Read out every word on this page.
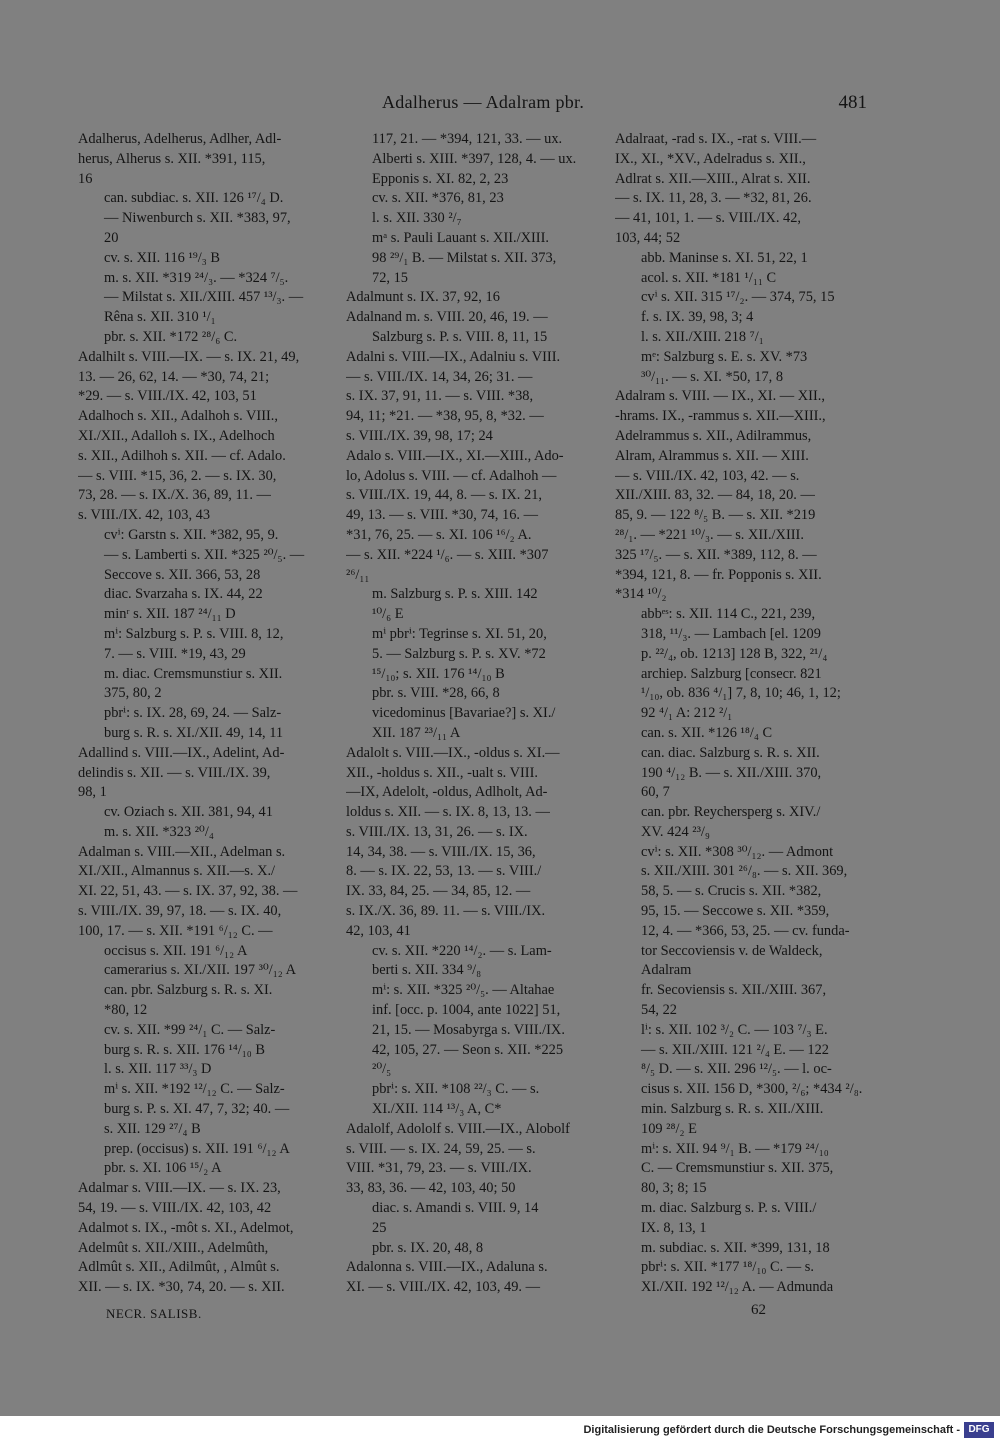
Adalherus — Adalram pbr.	481
Adalherus, Adelherus, Adlher, Adl-
herus, Alherus s. XII. *391, 115,
16
can. subdiac. s. XII. 126 ¹⁷/₄ D.
— Niwenburch s. XII. *383, 97,
20
cv. s. XII. 116 ¹⁹/₃ B
m. s. XII. *319 ²⁴/₃. — *324 ⁷/₅.
— Milstat s. XII./XIII. 457 ¹³/₃. —
Rêna s. XII. 310 ¹/₁
pbr. s. XII. *172 ²⁸/₆ C.
Adalhilt s. VIII.—IX. — s. IX. 21, 49,
13. — 26, 62, 14. — *30, 74, 21;
*29. — s. VIII./IX. 42, 103, 51
Adalhoch s. XII., Adalhoh s. VIII.,
XI./XII., Adalloh s. IX., Adelhoch
s. XII., Adilhoh s. XII. — cf. Adalo.
— s. VIII. *15, 36, 2. — s. IX. 30,
73, 28. — s. IX./X. 36, 89, 11. —
s. VIII./IX. 42, 103, 43
cvⁱ: Garstn s. XII. *382, 95, 9.
— s. Lamberti s. XII. *325 ²⁰/₅. —
Seccove s. XII. 366, 53, 28
diac. Svarzaha s. IX. 44, 22
minʳ s. XII. 187 ²⁴/₁₁ D
mⁱ: Salzburg s. P. s. VIII. 8, 12,
7. — s. VIII. *19, 43, 29
m. diac. Cremsmunstiur s. XII.
375, 80, 2
pbrⁱ: s. IX. 28, 69, 24. — Salz-
burg s. R. s. XI./XII. 49, 14, 11
Adallind s. VIII.—IX., Adelint, Ad-
delindis s. XII. — s. VIII./IX. 39,
98, 1
cv. Oziach s. XII. 381, 94, 41
m. s. XII. *323 ²⁰/₄
Adalman s. VIII.—XII., Adelman s.
XI./XII., Almannus s. XII.—s. X./
XI. 22, 51, 43. — s. IX. 37, 92, 38. —
s. VIII./IX. 39, 97, 18. — s. IX. 40,
100, 17. — s. XII. *191 ⁶/₁₂ C. —
occisus s. XII. 191 ⁶/₁₂ A
camerarius s. XI./XII. 197 ³⁰/₁₂ A
can. pbr. Salzburg s. R. s. XI.
*80, 12
cv. s. XII. *99 ²⁴/₁ C. — Salz-
burg s. R. s. XII. 176 ¹⁴/₁₀ B
l. s. XII. 117 ³³/₃ D
mⁱ s. XII. *192 ¹²/₁₂ C. — Salz-
burg s. P. s. XI. 47, 7, 32; 40. —
s. XII. 129 ²⁷/₄ B
prep. (occisus) s. XII. 191 ⁶/₁₂ A
pbr. s. XI. 106 ¹⁵/₂ A
Adalmar s. VIII.—IX. — s. IX. 23,
54, 19. — s. VIII./IX. 42, 103, 42
Adalmot s. IX., -môt s. XI., Adelmot,
Adelmût s. XII./XIII., Adelmûth,
Adlmût s. XII., Adilmût, , Almût s.
XII. — s. IX. *30, 74, 20. — s. XII.
117, 21. — *394, 121, 33. — ux.
Alberti s. XIII. *397, 128, 4. — ux.
Epponis s. XI. 82, 2, 23
cv. s. XII. *376, 81, 23
l. s. XII. 330 ²/₇
mᵃ s. Pauli Lauant s. XII./XIII.
98 ²⁹/₁ B. — Milstat s. XII. 373,
72, 15
Adalmunt s. IX. 37, 92, 16
Adalnand m. s. VIII. 20, 46, 19. —
Salzburg s. P. s. VIII. 8, 11, 15
Adalni s. VIII.—IX., Adalniu s. VIII.
— s. VIII./IX. 14, 34, 26; 31. —
s. IX. 37, 91, 11. — s. VIII. *38,
94, 11; *21. — *38, 95, 8, *32. —
s. VIII./IX. 39, 98, 17; 24
Adalo s. VIII.—IX., XI.—XIII., Ado-
lo, Adolus s. VIII. — cf. Adalhoh —
s. VIII./IX. 19, 44, 8. — s. IX. 21,
49, 13. — s. VIII. *30, 74, 16. —
*31, 76, 25. — s. XI. 106 ¹⁶/₂ A.
— s. XII. *224 ¹/₆. — s. XIII. *307
²⁶/₁₁
m. Salzburg s. P. s. XIII. 142
¹⁰/₆ E
mⁱ pbrⁱ: Tegrinse s. XI. 51, 20,
5. — Salzburg s. P. s. XV. *72
¹⁵/₁₀; s. XII. 176 ¹⁴/₁₀ B
pbr. s. VIII. *28, 66, 8
vicedominus [Bavariae?] s. XI./
XII. 187 ²³/₁₁ A
Adalolt s. VIII.—IX., -oldus s. XI.—
XII., -holdus s. XII., -ualt s. VIII.
—IX, Adelolt, -oldus, Adlholt, Ad-
loldus s. XII. — s. IX. 8, 13, 13. —
s. VIII./IX. 13, 31, 26. — s. IX.
14, 34, 38. — s. VIII./IX. 15, 36,
8. — s. IX. 22, 53, 13. — s. VIII./
IX. 33, 84, 25. — 34, 85, 12. —
s. IX./X. 36, 89. 11. — s. VIII./IX.
42, 103, 41
cv. s. XII. *220 ¹⁴/₂. — s. Lam-
berti s. XII. 334 ⁹/₈
mⁱ: s. XII. *325 ²⁰/₅. — Altahae
inf. [occ. p. 1004, ante 1022] 51,
21, 15. — Mosabyrga s. VIII./IX.
42, 105, 27. — Seon s. XII. *225
²⁰/₅
pbrⁱ: s. XII. *108 ²²/₃ C. — s.
XI./XII. 114 ¹³/₃ A, C*
Adalolf, Adololf s. VIII.—IX., Alobolf
s. VIII. — s. IX. 24, 59, 25. — s.
VIII. *31, 79, 23. — s. VIII./IX.
33, 83, 36. — 42, 103, 40; 50
diac. s. Amandi s. VIII. 9, 14
25
pbr. s. IX. 20, 48, 8
Adalonna s. VIII.—IX., Adaluna s.
XI. — s. VIII./IX. 42, 103, 49. —
Adalraat, -rad s. IX., -rat s. VIII.—
IX., XI., *XV., Adelradus s. XII.,
Adlrat s. XII.—XIII., Alrat s. XII.
— s. IX. 11, 28, 3. — *32, 81, 26.
— 41, 101, 1. — s. VIII./IX. 42,
103, 44; 52
abb. Maninse s. XI. 51, 22, 1
acol. s. XII. *181 ¹/₁₁ C
cvⁱ s. XII. 315 ¹⁷/₂. — 374, 75, 15
f. s. IX. 39, 98, 3; 4
l. s. XII./XIII. 218 ⁷/₁
mᵉ: Salzburg s. E. s. XV. *73
³⁰/₁₁. — s. XI. *50, 17, 8
Adalram s. VIII. — IX., XI. — XII.,
-hrams. IX., -rammus s. XII.—XIII.,
Adelrammus s. XII., Adilrammus,
Alram, Alrammus s. XII. — XIII.
— s. VIII./IX. 42, 103, 42. — s.
XII./XIII. 83, 32. — 84, 18, 20. —
85, 9. — 122 ⁸/₅ B. — s. XII. *219
²⁸/₁. — *221 ¹⁰/₃. — s. XII./XIII.
325 ¹⁷/₅. — s. XII. *389, 112, 8. —
*394, 121, 8. — fr. Popponis s. XII.
*314 ¹⁰/₂
abbᵉˢ: s. XII. 114 C., 221, 239,
318, ¹¹/₃. — Lambach [el. 1209
p. ²²/₄, ob. 1213] 128 B, 322, ²¹/₄
archiep. Salzburg [consecr. 821
¹/₁₀, ob. 836 ⁴/₁] 7, 8, 10; 46, 1, 12;
92 ⁴/₁ A: 212 ²/₁
can. s. XII. *126 ¹⁸/₄ C
can. diac. Salzburg s. R. s. XII.
190 ⁴/₁₂ B. — s. XII./XIII. 370,
60, 7
can. pbr. Reychersperg s. XIV./
XV. 424 ²³/₉
cvⁱ: s. XII. *308 ³⁰/₁₂. — Admont
s. XII./XIII. 301 ²⁶/₈. — s. XII. 369,
58, 5. — s. Crucis s. XII. *382,
95, 15. — Seccowe s. XII. *359,
12, 4. — *366, 53, 25. — cv. funda-
tor Seccoviensis v. de Waldeck,
Adalram
fr. Secoviensis s. XII./XIII. 367,
54, 22
lⁱ: s. XII. 102 ³/₂ C. — 103 ⁷/₃ E.
— s. XII./XIII. 121 ²/₄ E. — 122
⁸/₅ D. — s. XII. 296 ¹²/₅. — l. oc-
cisus s. XII. 156 D, *300, ²/₆; *434 ²/₈.
min. Salzburg s. R. s. XII./XIII.
109 ²⁸/₂ E
mⁱ: s. XII. 94 ⁹/₁ B. — *179 ²⁴/₁₀
C. — Cremsmunstiur s. XII. 375,
80, 3; 8; 15
m. diac. Salzburg s. P. s. VIII./
IX. 8, 13, 1
m. subdiac. s. XII. *399, 131, 18
pbrⁱ: s. XII. *177 ¹⁸/₁₀ C. — s.
XI./XII. 192 ¹²/₁₂ A. — Admunda
NECR. SALISB.	62
Digitalisierung gefördert durch die Deutsche Forschungsgemeinschaft - DFG
